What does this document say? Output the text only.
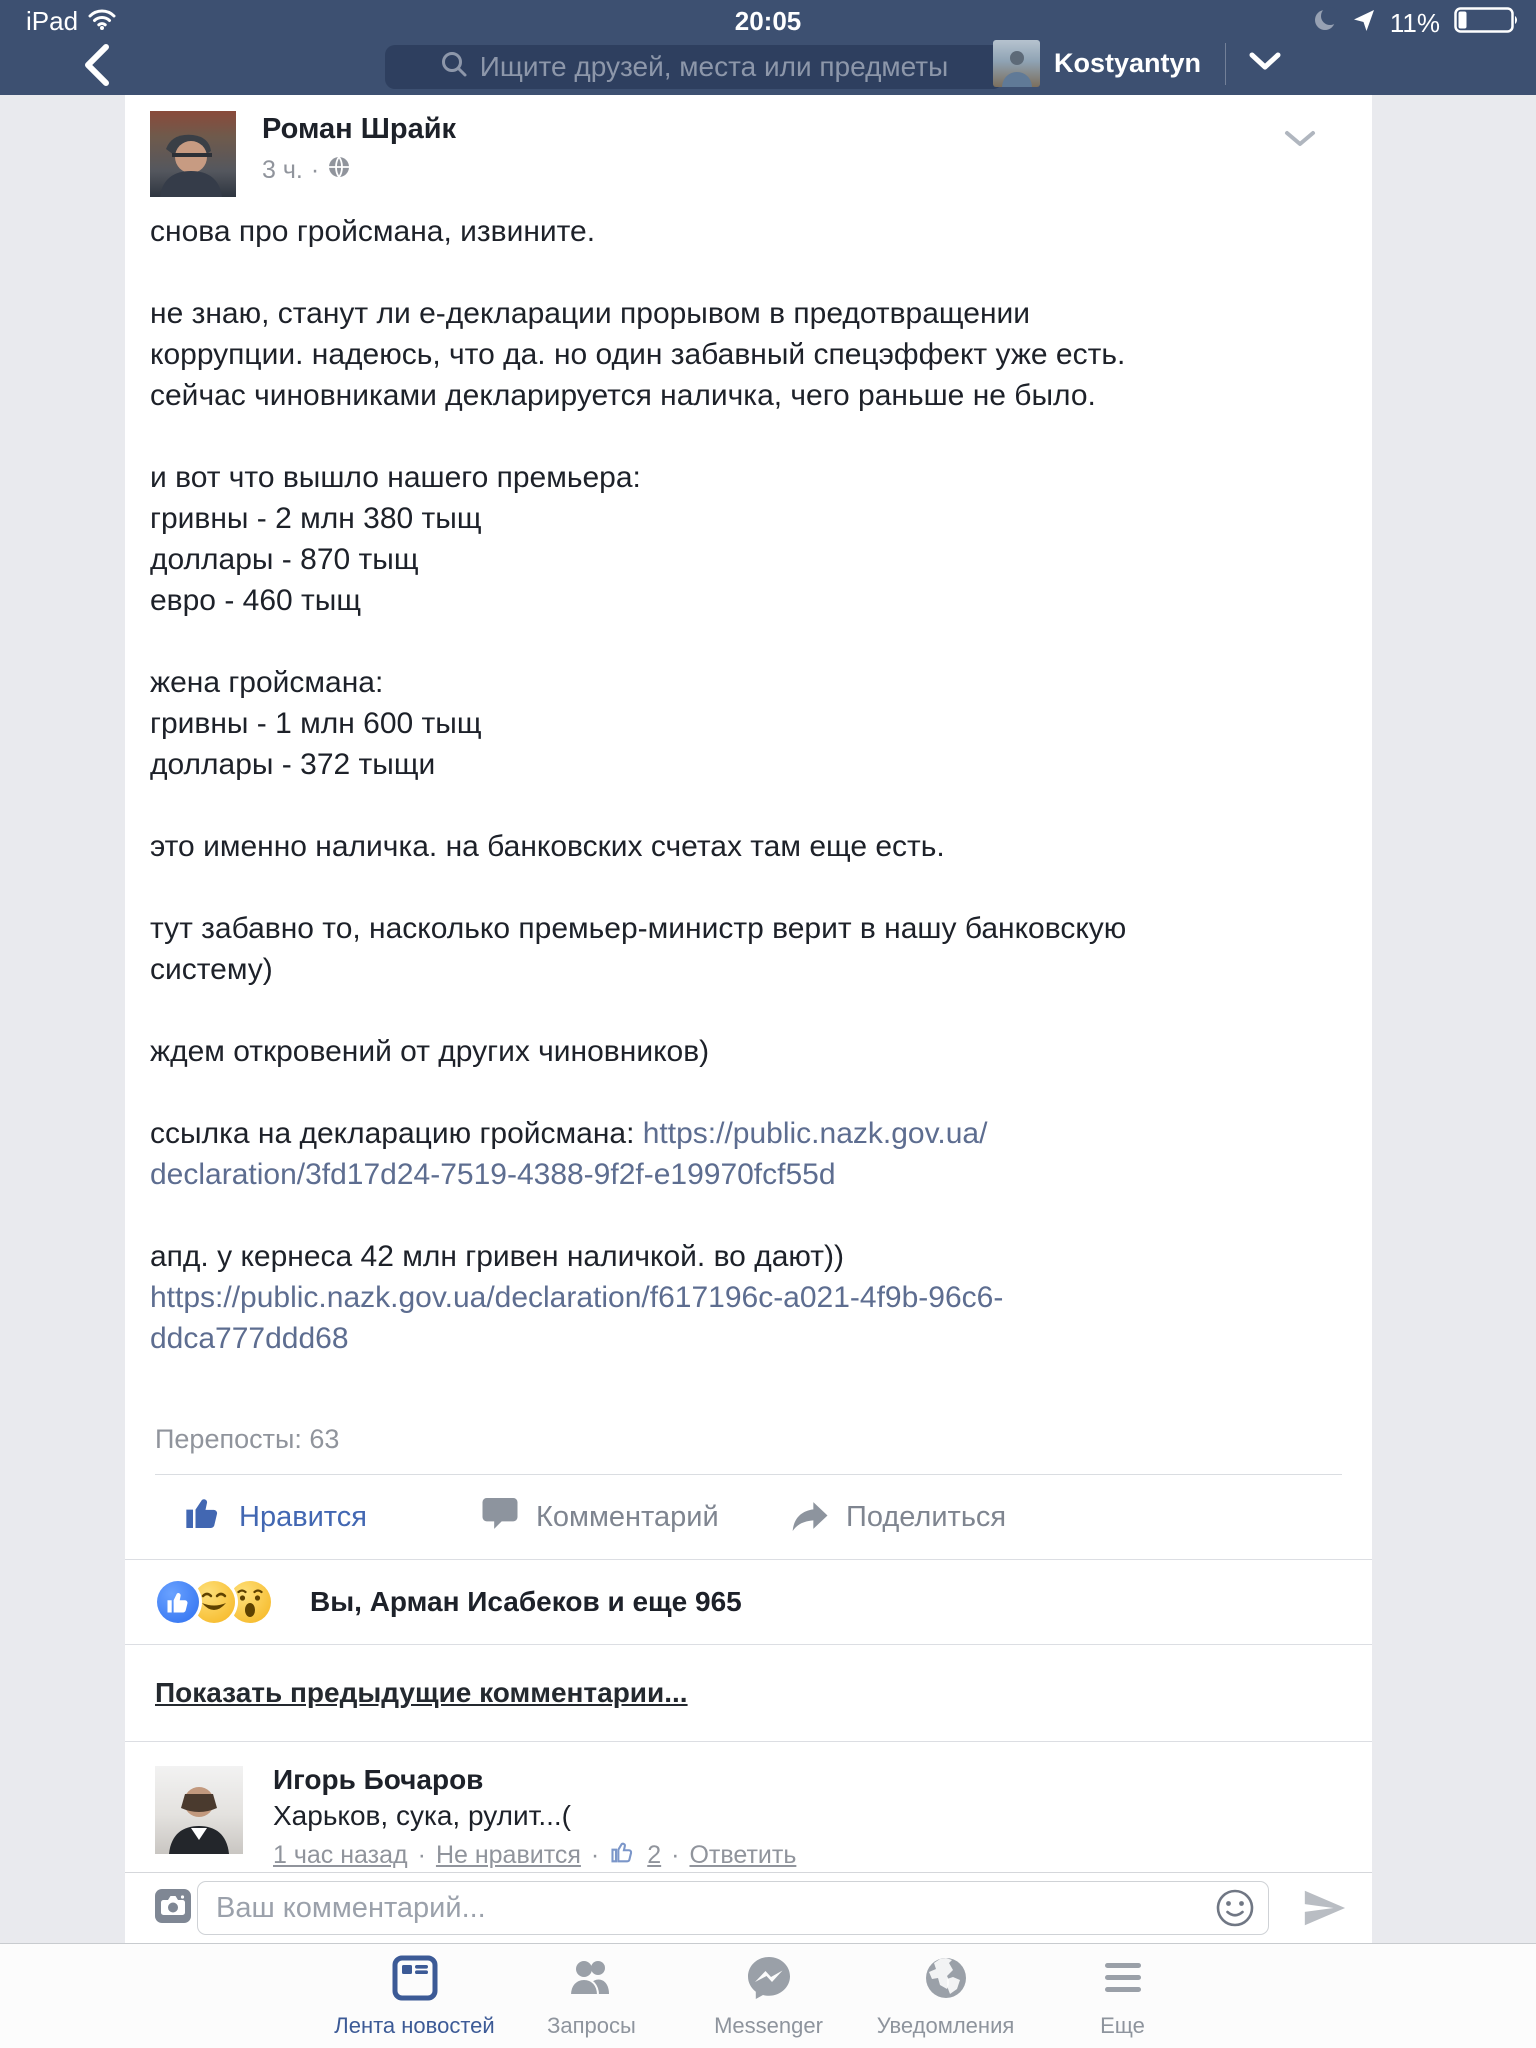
iPad	20:05	11%
Ищите друзей, места или предметы	Kostyantyn
Роман Шрайк
3 ч. ·
снова про гройсмана, извините.
не знаю, станут ли е-декларации прорывом в предотвращении
коррупции. надеюсь, что да. но один забавный спецэффект уже есть.
сейчас чиновниками декларируется наличка, чего раньше не было.
и вот что вышло нашего премьера:
гривны - 2 млн 380 тыщ
доллары - 870 тыщ
евро - 460 тыщ
жена гройсмана:
гривны - 1 млн 600 тыщ
доллары - 372 тыщи
это именно наличка. на банковских счетах там еще есть.
тут забавно то, насколько премьер-министр верит в нашу банковскую
систему)
ждем откровений от других чиновников)
ссылка на декларацию гройсмана: https://public.nazk.gov.ua/
declaration/3fd17d24-7519-4388-9f2f-e19970fcf55d
апд. у кернеса 42 млн гривен наличкой. во дают))
https://public.nazk.gov.ua/declaration/f617196c-a021-4f9b-96c6-
ddca777ddd68
Перепосты: 63
Нравится	Комментарий	Поделиться
Вы, Арман Исабеков и еще 965
Показать предыдущие комментарии...
Игорь Бочаров
Харьков, сука, рулит...(
1 час назад · Не нравится · 2 · Ответить
Ваш комментарий...
Лента новостей Запросы	Messenger Уведомления	Еще
